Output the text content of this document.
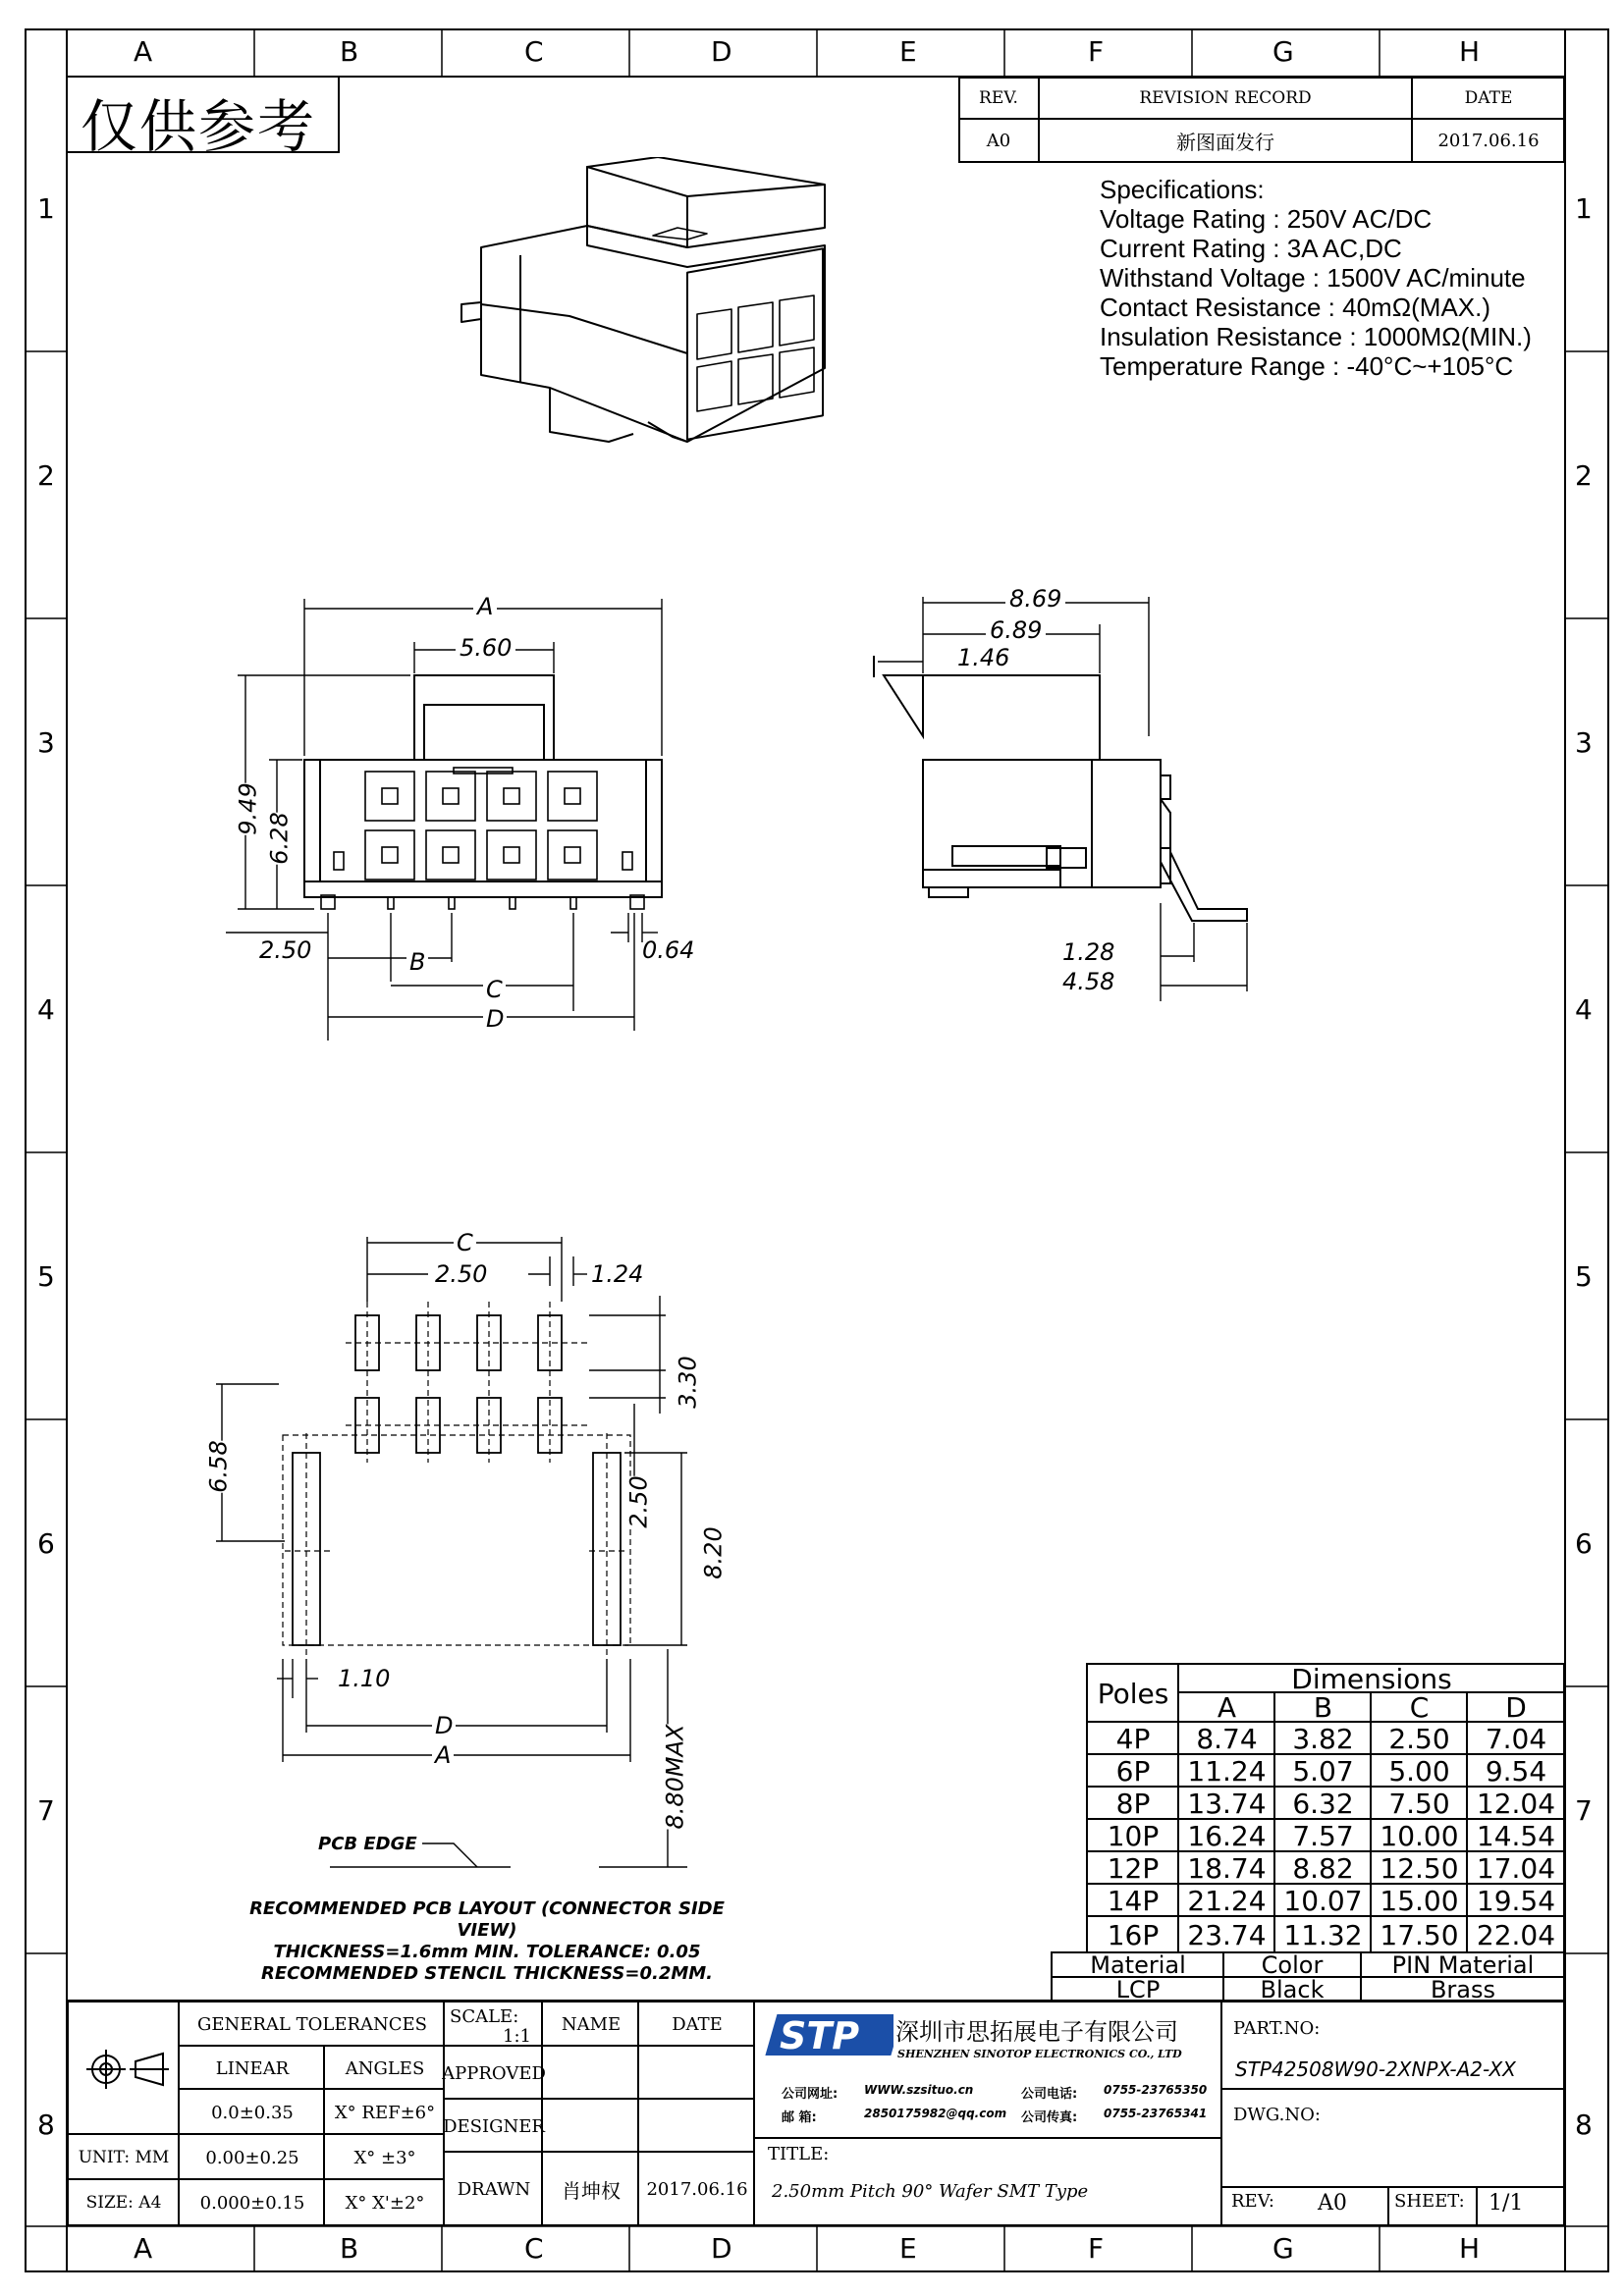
A	B	C	D	E	F	G	H
A	B	C	D	E	F	G	H
1
2
3
4
5
6
7
8
1
2
3
4
5
6
7
8
仅供参考	REV.	REVISION RECORD	DATE
A0	新图面发行	2017.06.16
Specifications:
Voltage Rating : 250V AC/DC
Current Rating : 3A AC,DC
Withstand Voltage : 1500V AC/minute
Contact Resistance : 40mΩ(MAX.)
Insulation Resistance : 1000MΩ(MIN.)
Temperature Range : -40°C~+105°C
A
5.60
9.49
6.28
2.50	B
C
D
0.64
8.69
6.89
1.46
1.28
4.58
C
2.50	1.24
3.30
6.58
2.50
8.20
1.10
D
A	8.80MAX
PCB EDGE
RECOMMENDED PCB LAYOUT (CONNECTOR SIDE VIEW)
THICKNESS=1.6mm MIN. TOLERANCE: 0.05
RECOMMENDED STENCIL THICKNESS=0.2MM.
Poles	Dimensions
A	B	C	D
4P	8.74	3.82	2.50	7.04
6P	11.24 5.07	5.00	9.54
8P	13.74 6.32	7.50 12.04
10P	16.24 7.57 10.00 14.54
12P	18.74 8.82 12.50 17.04
14P	21.24 10.07 15.00 19.54
16P	23.74 11.32 17.50 22.04
Material	Color	PIN Material
LCP	Black	Brass
GENERAL TOLERANCES
LINEAR	ANGLES
0.0±0.35	X° REF±6°
0.00±0.25	X° ±3°
0.000±0.15	X° X'±2°
UNIT: MM
SIZE: A4
SCALE:
1:1
NAME	DATE
APPROVED
DESIGNER
DRAWN	肖坤权	2017.06.16
STP 深圳市思拓展电子有限公司
SHENZHEN SINOTOP ELECTRONICS CO., LTD
公司网址: WWW.szsituo.cn	公司电话: 0755-23765350
邮 箱:	2850175982@qq.com 公司传真: 0755-23765341
TITLE:
2.50mm Pitch 90° Wafer SMT Type
PART.NO:
STP42508W90-2XNPX-A2-XX
DWG.NO:
REV: A0	SHEET: 1/1
